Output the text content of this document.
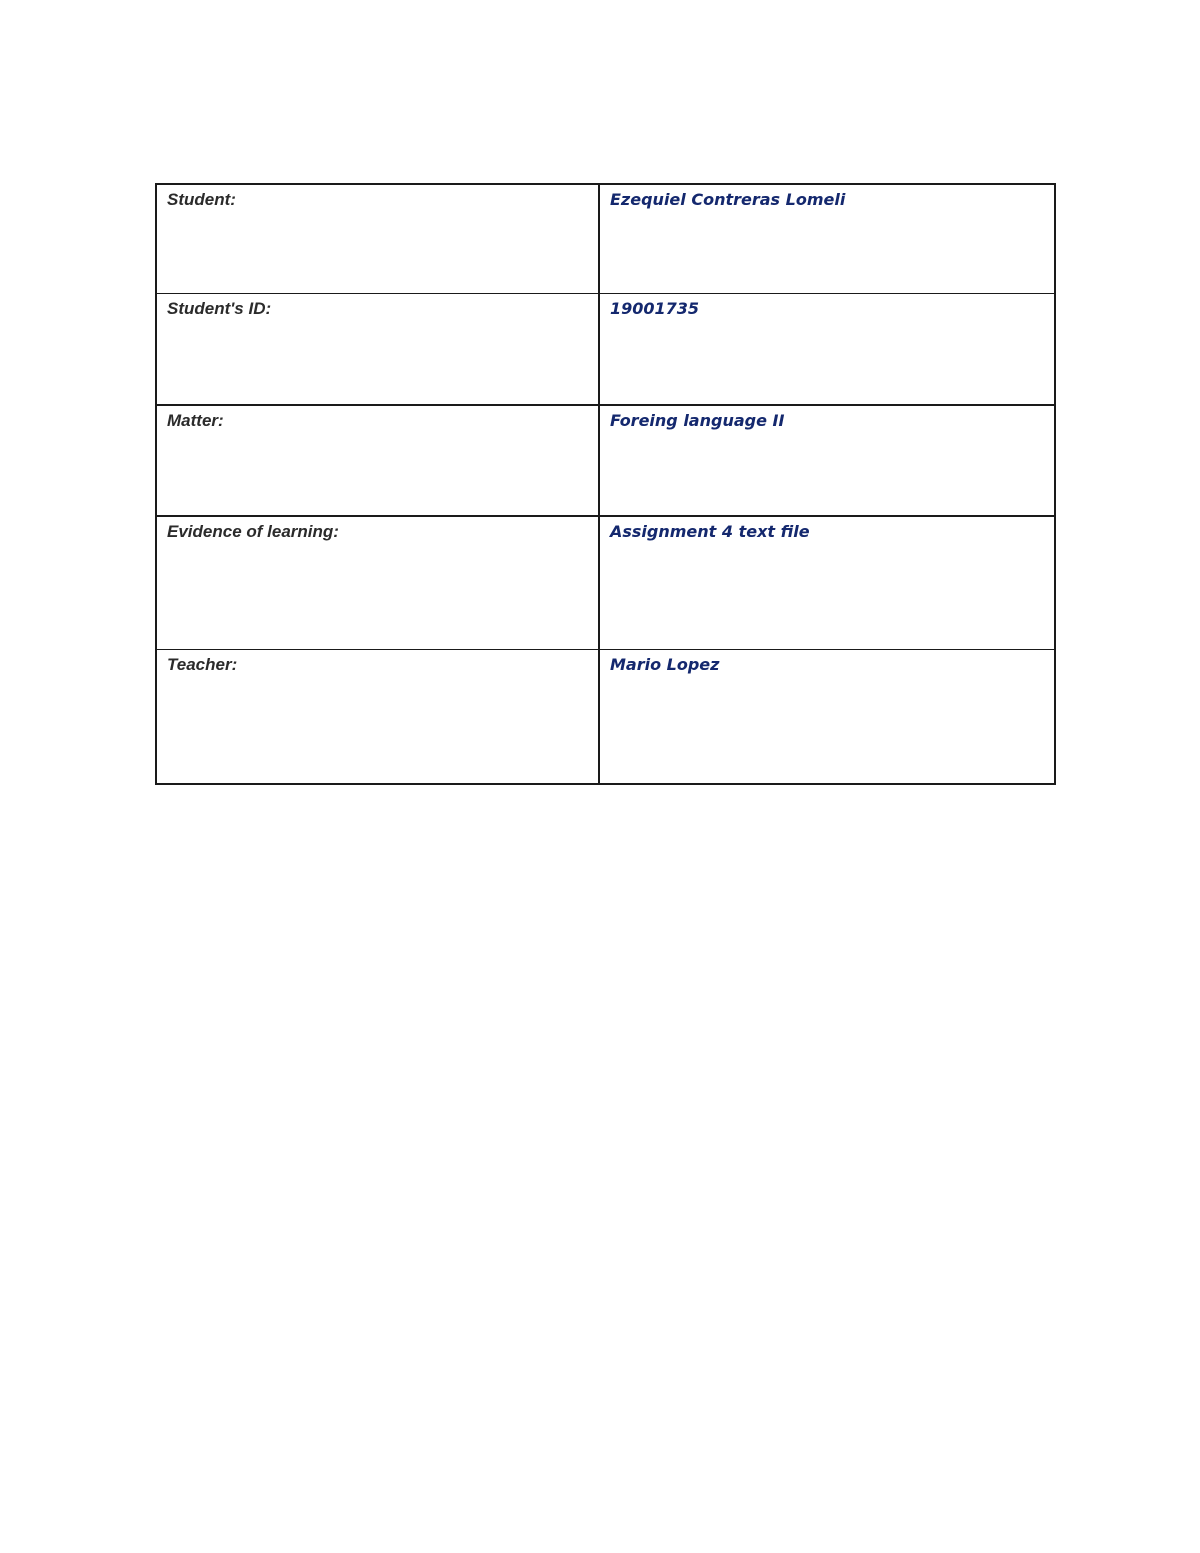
Student:	Ezequiel Contreras Lomeli
Student's ID:	19001735
Matter:	Foreing language II
Evidence of learning:	Assignment 4 text file
Teacher:	Mario Lopez
